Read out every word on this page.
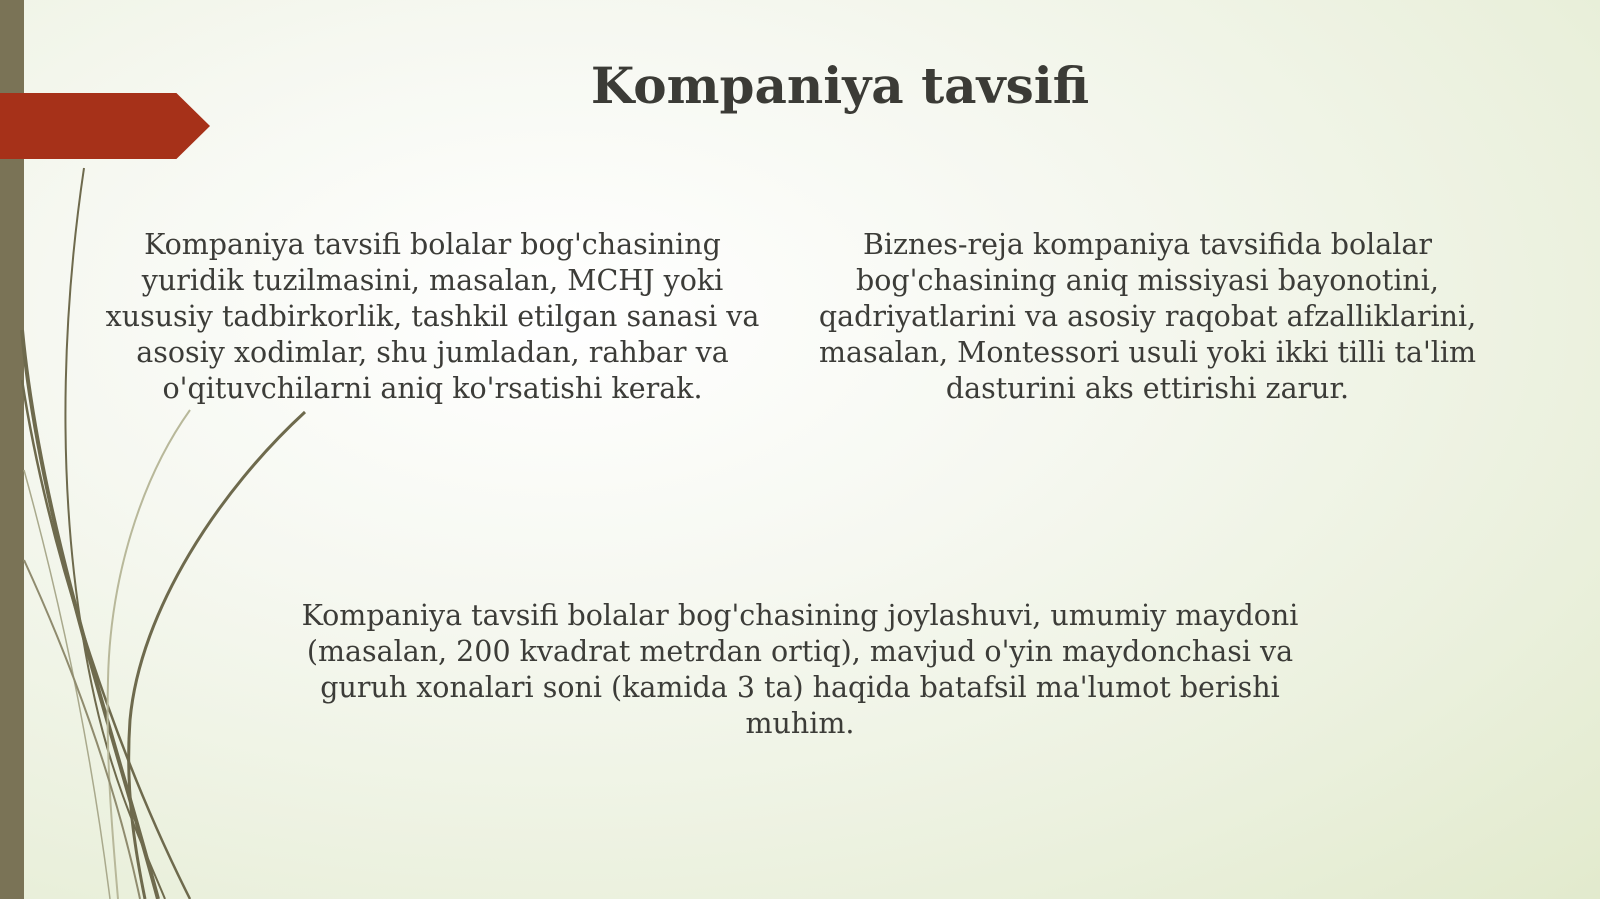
Kompaniya tavsifi

Kompaniya tavsifi bolalar bog'chasining yuridik tuzilmasini, masalan, MCHJ yoki xususiy tadbirkorlik, tashkil etilgan sanasi va asosiy xodimlar, shu jumladan, rahbar va o'qituvchilarni aniq ko'rsatishi kerak.

Biznes-reja kompaniya tavsifida bolalar bog'chasining aniq missiyasi bayonotini, qadriyatlarini va asosiy raqobat afzalliklarini, masalan, Montessori usuli yoki ikki tilli ta'lim dasturini aks ettirishi zarur.

Kompaniya tavsifi bolalar bog'chasining joylashuvi, umumiy maydoni (masalan, 200 kvadrat metrdan ortiq), mavjud o'yin maydonchasi va guruh xonalari soni (kamida 3 ta) haqida batafsil ma'lumot berishi muhim.
